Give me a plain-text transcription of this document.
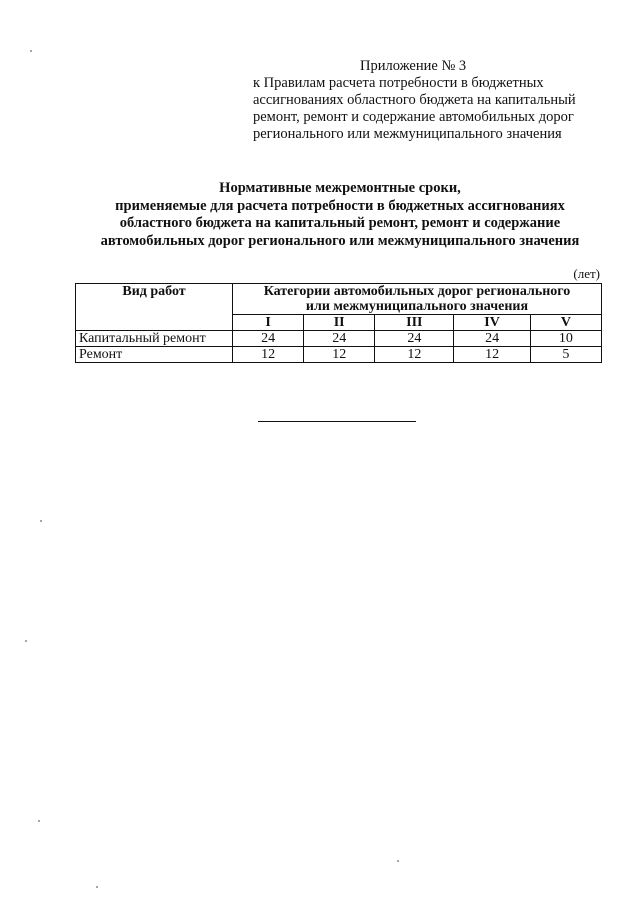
Приложение № 3
к Правилам расчета потребности в бюджетных
ассигнованиях областного бюджета на капитальный
ремонт, ремонт и содержание автомобильных дорог
регионального или межмуниципального значения
Нормативные межремонтные сроки,
применяемые для расчета потребности в бюджетных ассигнованиях
областного бюджета на капитальный ремонт, ремонт и содержание
автомобильных дорог регионального или межмуниципального значения
(лет)
Вид работ	Категории автомобильных дорог регионального
или межмуниципального значения				

	I	II	III	IV	V
Капитальный ремонт	24	24	24	24	10
Ремонт	12	12	12	12	5
